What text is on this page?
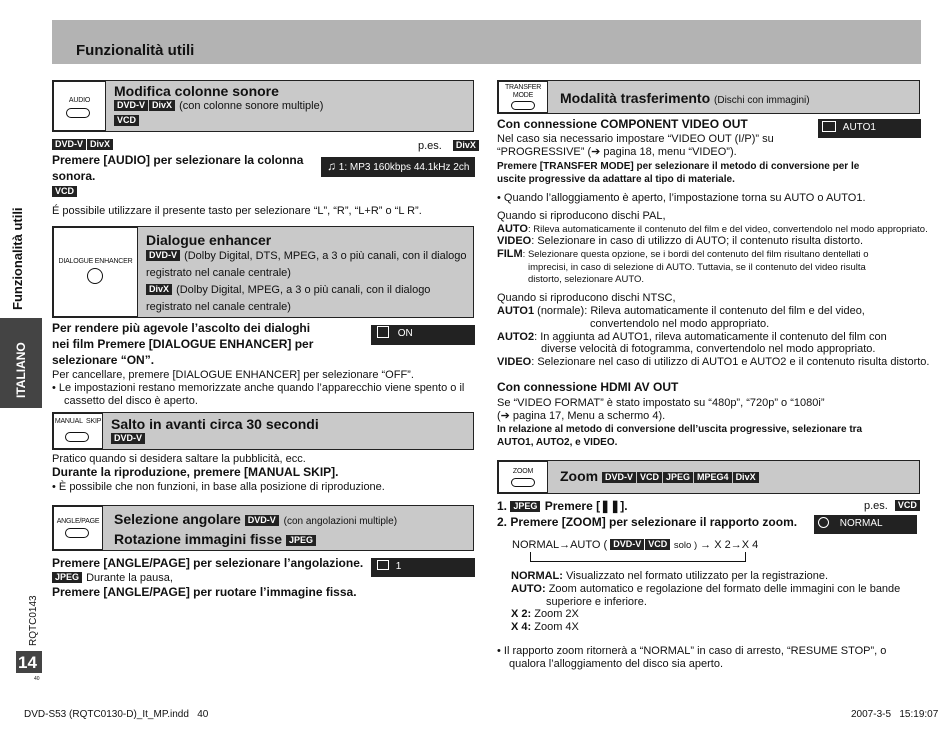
Funzionalità utili
Funzionalità utili
ITALIANO
RQTC0143
14
40
DVD-S53 (RQTC0130-D)_It_MP.indd   40	2007-3-5   15:19:07
AUDIO
Modifica colonne sonore
DVD-V DivX (con colonne sonore multiple)
VCD
DVD-V DivX	p.es. DivX
Premere [AUDIO] per selezionare la colonna
sonora.
♫ 1: MP3 160kbps 44.1kHz 2ch
VCD
É possibile utilizzare il presente tasto per selezionare “L”, “R”, “L+R” o “L R”.
DIALOGUE ENHANCER
Dialogue enhancer
DVD-V (Dolby Digital, DTS, MPEG, a 3 o più canali, con il dialogo
registrato nel canale centrale)
DivX (Dolby Digital, MPEG, a 3 o più canali, con il dialogo
registrato nel canale centrale)
Per rendere più agevole l’ascolto dei dialoghi
nei film Premere [DIALOGUE ENHANCER] per
selezionare “ON”.
ON
Per cancellare, premere [DIALOGUE ENHANCER] per selezionare “OFF”.
• Le impostazioni restano memorizzate anche quando l’apparecchio viene spento o il
cassetto del disco è aperto.
MANUAL  SKIP Salto in avanti circa 30 secondi
DVD-V
Pratico quando si desidera saltare la pubblicità, ecc.
Durante la riproduzione, premere [MANUAL SKIP].
• È possibile che non funzioni, in base alla posizione di riproduzione.
ANGLE/PAGE Selezione angolare DVD-V (con angolazioni multiple)
Rotazione immagini fisse JPEG
Premere [ANGLE/PAGE] per selezionare l’angolazione.	1
JPEG Durante la pausa,
Premere [ANGLE/PAGE] per ruotare l’immagine fissa.
TRANSFER
MODE	Modalità trasferimento (Dischi con immagini)
Con connessione COMPONENT VIDEO OUT	AUTO1
Nel caso sia necessario impostare “VIDEO OUT (I/P)” su
“PROGRESSIVE” (➔ pagina 18, menu “VIDEO”).
Premere [TRANSFER MODE] per selezionare il metodo di conversione per le
uscite progressive da adattare al tipo di materiale.
• Quando l’alloggiamento è aperto, l’impostazione torna su AUTO o AUTO1.
Quando si riproducono dischi PAL,
AUTO: Rileva automaticamente il contenuto del film e del video, convertendolo nel modo appropriato.
VIDEO: Selezionare in caso di utilizzo di AUTO; il contenuto risulta distorto.
FILM: Selezionare questa opzione, se i bordi del contenuto del film risultano dentellati o
imprecisi, in caso di selezione di AUTO. Tuttavia, se il contenuto del video risulta
distorto, selezionare AUTO.
Quando si riproducono dischi NTSC,
AUTO1 (normale): Rileva automaticamente il contenuto del film e del video,
convertendolo nel modo appropriato.
AUTO2: In aggiunta ad AUTO1, rileva automaticamente il contenuto del film con
diverse velocità di fotogramma, convertendolo nel modo appropriato.
VIDEO: Selezionare nel caso di utilizzo di AUTO1 e AUTO2 e il contenuto risulta distorto.
Con connessione HDMI AV OUT
Se “VIDEO FORMAT” è stato impostato su “480p”, “720p” o “1080i”
(➔ pagina 17, Menu a schermo 4).
In relazione al metodo di conversione dell’uscita progressive, selezionare tra
AUTO1, AUTO2, e VIDEO.
ZOOM	Zoom DVD-V VCD JPEG MPEG4 DivX
1. JPEG Premere [❚❚].	p.es. VCD
2. Premere [ZOOM] per selezionare il rapporto zoom.	NORMAL
NORMAL→AUTO ( DVD-V VCD solo ) → X 2→X 4
NORMAL: Visualizzato nel formato utilizzato per la registrazione.
AUTO: Zoom automatico e regolazione del formato delle immagini con le bande
superiore e inferiore.
X 2: Zoom 2X
X 4: Zoom 4X
• Il rapporto zoom ritornerà a “NORMAL” in caso di arresto, “RESUME STOP”, o
qualora l’alloggiamento del disco sia aperto.
